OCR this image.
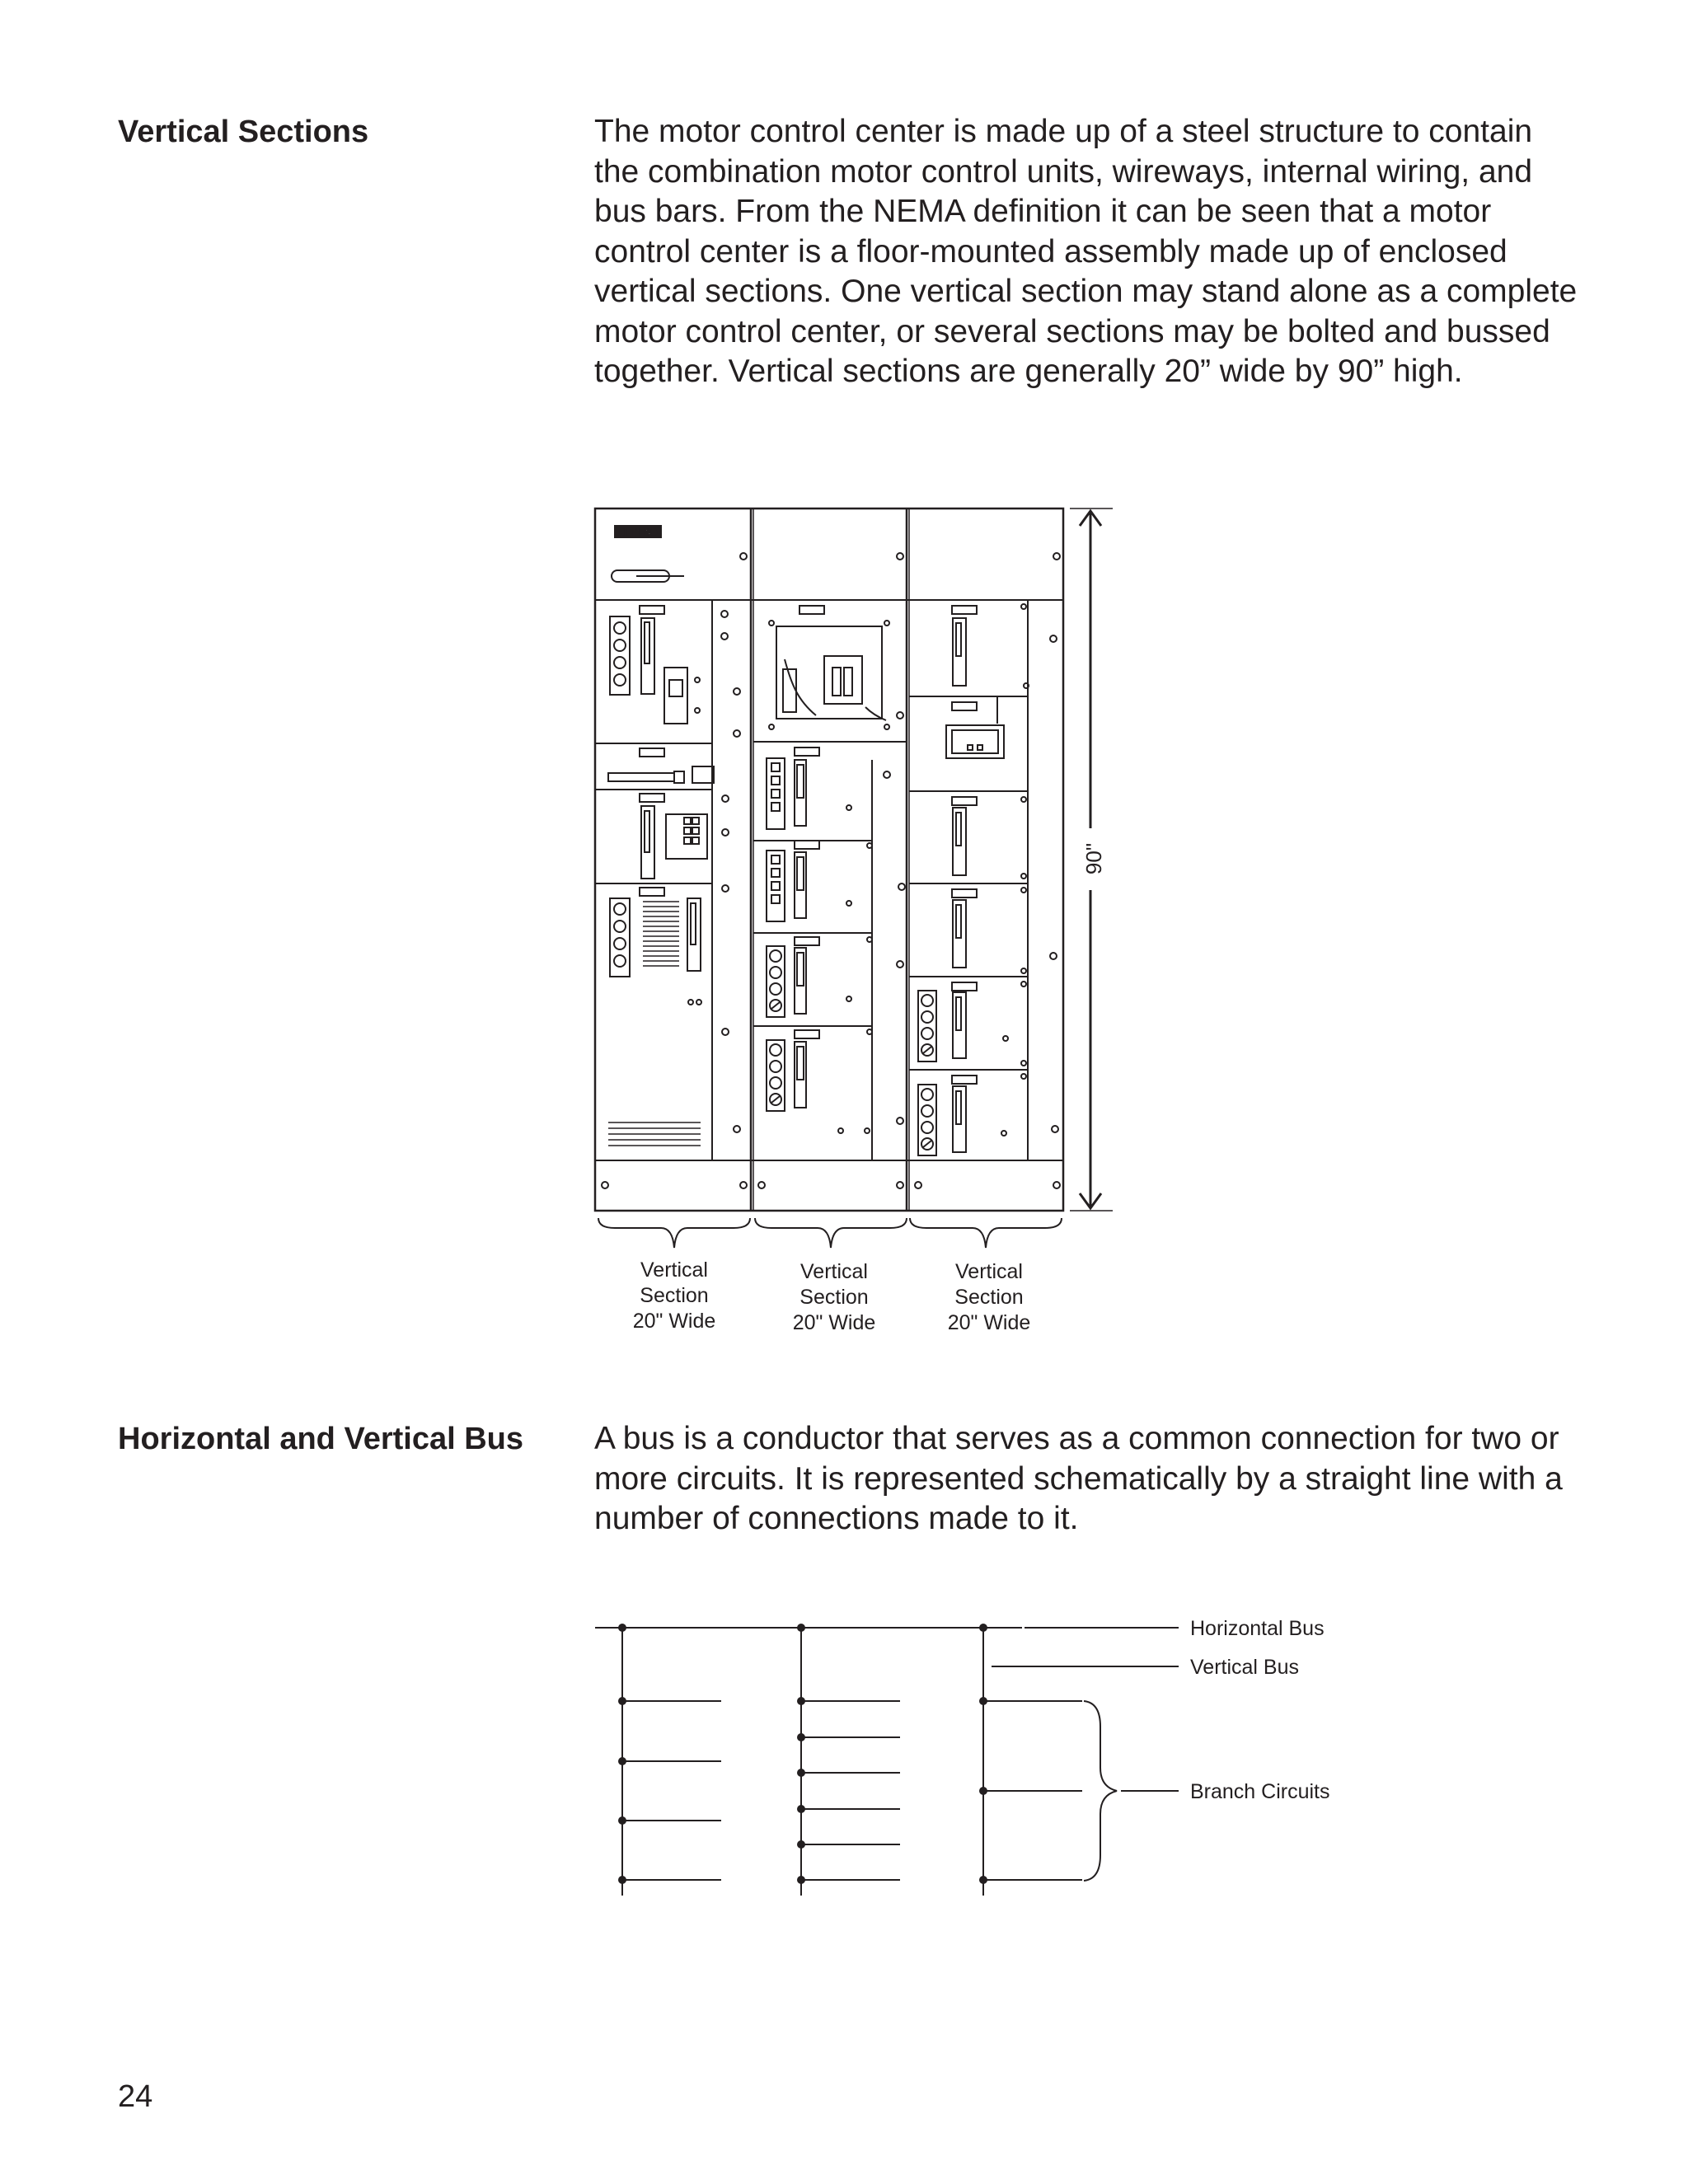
Vertical Sections	The motor control center is made up of a steel structure to contain the combination motor control units, wireways, internal wiring, and bus bars. From the NEMA definition it can be seen that a motor control center is a floor-mounted assembly made up of enclosed vertical sections. One vertical section may stand alone as a complete motor control center, or several sections may be bolted and bussed together. Vertical sections are generally 20” wide by 90” high.

SIEMENS
90"
Vertical
Section
20" Wide
Vertical
Section
20" Wide
Vertical
Section
20" Wide
Horizontal and Vertical Bus A bus is a conductor that serves as a common connection for two or more circuits. It is represented schematically by a straight line with a number of connections made to it.

Horizontal Bus
Vertical Bus
Branch Circuits
24
